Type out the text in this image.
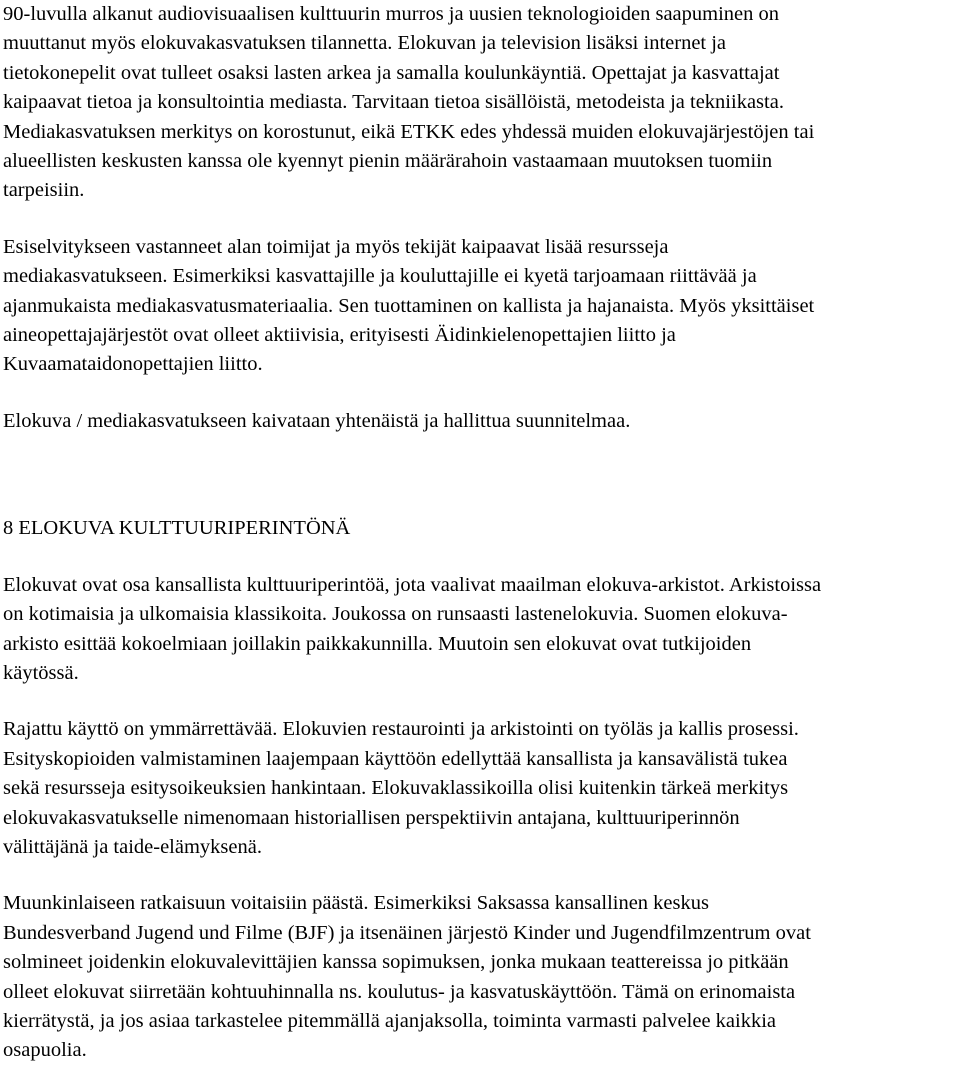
90-luvulla alkanut audiovisuaalisen kulttuurin murros ja uusien teknologioiden saapuminen on
muuttanut myös elokuvakasvatuksen tilannetta. Elokuvan ja television lisäksi internet ja
tietokonepelit ovat tulleet osaksi lasten arkea ja samalla koulunkäyntiä. Opettajat ja kasvattajat
kaipaavat tietoa ja konsultointia mediasta. Tarvitaan tietoa sisällöistä, metodeista ja tekniikasta.
Mediakasvatuksen merkitys on korostunut, eikä ETKK edes yhdessä muiden elokuvajärjestöjen tai
alueellisten keskusten kanssa ole kyennyt pienin määrärahoin vastaamaan muutoksen tuomiin
tarpeisiin.

Esiselvitykseen vastanneet alan toimijat ja myös tekijät kaipaavat lisää resursseja
mediakasvatukseen. Esimerkiksi kasvattajille ja kouluttajille ei kyetä tarjoamaan riittävää ja
ajanmukaista mediakasvatusmateriaalia. Sen tuottaminen on kallista ja hajanaista. Myös yksittäiset
aineopettajajärjestöt ovat olleet aktiivisia, erityisesti Äidinkielenopettajien liitto ja
Kuvaamataidonopettajien liitto.

Elokuva / mediakasvatukseen kaivataan yhtenäistä ja hallittua suunnitelmaa.

8 ELOKUVA KULTTUURIPERINTÖNÄ

Elokuvat ovat osa kansallista kulttuuriperintöä, jota vaalivat maailman elokuva-arkistot. Arkistoissa
on kotimaisia ja ulkomaisia klassikoita. Joukossa on runsaasti lastenelokuvia. Suomen elokuva-
arkisto esittää kokoelmiaan joillakin paikkakunnilla. Muutoin sen elokuvat ovat tutkijoiden
käytössä.

Rajattu käyttö on ymmärrettävää. Elokuvien restaurointi ja arkistointi on työläs ja kallis prosessi.
Esityskopioiden valmistaminen laajempaan käyttöön edellyttää kansallista ja kansavälistä tukea
sekä resursseja esitysoikeuksien hankintaan. Elokuvaklassikoilla olisi kuitenkin tärkeä merkitys
elokuvakasvatukselle nimenomaan historiallisen perspektiivin antajana, kulttuuriperinnön
välittäjänä ja taide-elämyksenä.

Muunkinlaiseen ratkaisuun voitaisiin päästä. Esimerkiksi Saksassa kansallinen keskus
Bundesverband Jugend und Filme (BJF) ja itsenäinen järjestö Kinder und Jugendfilmzentrum ovat
solmineet joidenkin elokuvalevittäjien kanssa sopimuksen, jonka mukaan teattereissa jo pitkään
olleet elokuvat siirretään kohtuuhinnalla ns. koulutus- ja kasvatuskäyttöön. Tämä on erinomaista
kierrätystä, ja jos asiaa tarkastelee pitemmällä ajanjaksolla, toiminta varmasti palvelee kaikkia
osapuolia.
